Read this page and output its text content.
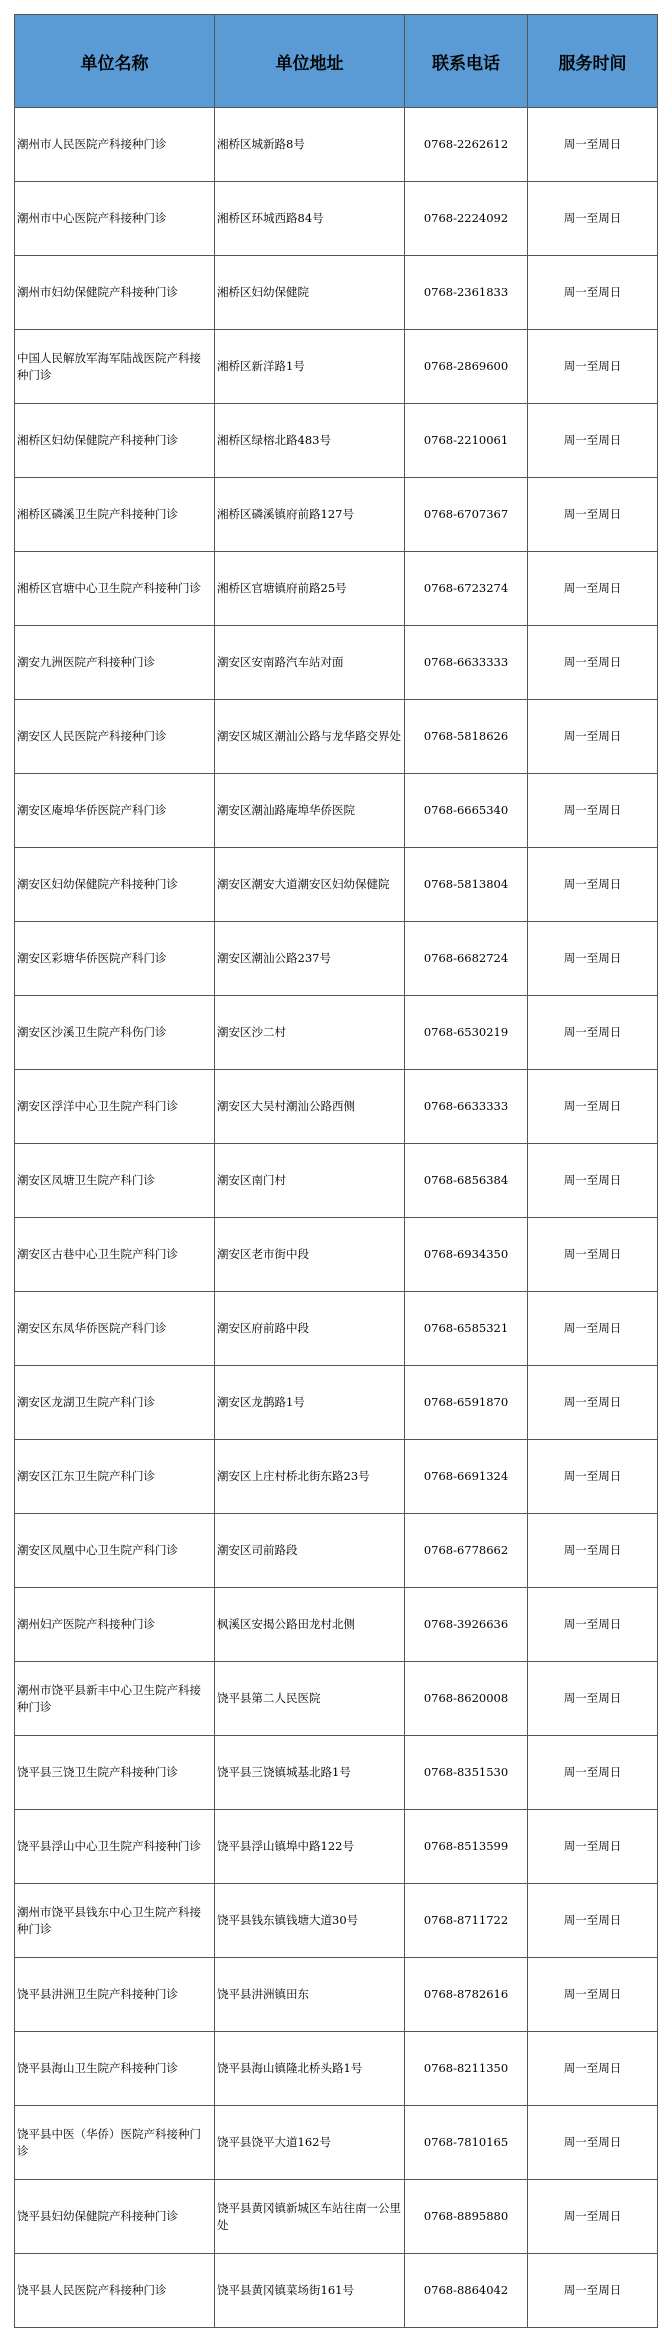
单位名称	单位地址	联系电话	服务时间
潮州市人民医院产科接种门诊	湘桥区城新路8号	0768-2262612	周一至周日
潮州市中心医院产科接种门诊	湘桥区环城西路84号	0768-2224092	周一至周日
潮州市妇幼保健院产科接种门诊	湘桥区妇幼保健院	0768-2361833	周一至周日
中国人民解放军海军陆战医院产科接种门诊	湘桥区新洋路1号	0768-2869600	周一至周日
湘桥区妇幼保健院产科接种门诊	湘桥区绿榕北路483号	0768-2210061	周一至周日
湘桥区磷溪卫生院产科接种门诊	湘桥区磷溪镇府前路127号	0768-6707367	周一至周日
湘桥区官塘中心卫生院产科接种门诊	湘桥区官塘镇府前路25号	0768-6723274	周一至周日
潮安九洲医院产科接种门诊	潮安区安南路汽车站对面	0768-6633333	周一至周日
潮安区人民医院产科接种门诊	潮安区城区潮汕公路与龙华路交界处	0768-5818626	周一至周日
潮安区庵埠华侨医院产科门诊	潮安区潮汕路庵埠华侨医院	0768-6665340	周一至周日
潮安区妇幼保健院产科接种门诊	潮安区潮安大道潮安区妇幼保健院	0768-5813804	周一至周日
潮安区彩塘华侨医院产科门诊	潮安区潮汕公路237号	0768-6682724	周一至周日
潮安区沙溪卫生院产科伤门诊	潮安区沙二村	0768-6530219	周一至周日
潮安区浮洋中心卫生院产科门诊	潮安区大吴村潮汕公路西侧	0768-6633333	周一至周日
潮安区凤塘卫生院产科门诊	潮安区南门村	0768-6856384	周一至周日
潮安区古巷中心卫生院产科门诊	潮安区老市街中段	0768-6934350	周一至周日
潮安区东凤华侨医院产科门诊	潮安区府前路中段	0768-6585321	周一至周日
潮安区龙湖卫生院产科门诊	潮安区龙鹊路1号	0768-6591870	周一至周日
潮安区江东卫生院产科门诊	潮安区上庄村桥北街东路23号	0768-6691324	周一至周日
潮安区凤凰中心卫生院产科门诊	潮安区司前路段	0768-6778662	周一至周日
潮州妇产医院产科接种门诊	枫溪区安揭公路田龙村北侧	0768-3926636	周一至周日
潮州市饶平县新丰中心卫生院产科接种门诊	饶平县第二人民医院	0768-8620008	周一至周日
饶平县三饶卫生院产科接种门诊	饶平县三饶镇城基北路1号	0768-8351530	周一至周日
饶平县浮山中心卫生院产科接种门诊	饶平县浮山镇埠中路122号	0768-8513599	周一至周日
潮州市饶平县钱东中心卫生院产科接种门诊	饶平县钱东镇钱塘大道30号	0768-8711722	周一至周日
饶平县汫洲卫生院产科接种门诊	饶平县汫洲镇田东	0768-8782616	周一至周日
饶平县海山卫生院产科接种门诊	饶平县海山镇隆北桥头路1号	0768-8211350	周一至周日
饶平县中医（华侨）医院产科接种门诊	饶平县饶平大道162号	0768-7810165	周一至周日
饶平县妇幼保健院产科接种门诊	饶平县黄冈镇新城区车站往南一公里处	0768-8895880	周一至周日
饶平县人民医院产科接种门诊	饶平县黄冈镇菜场街161号	0768-8864042	周一至周日
